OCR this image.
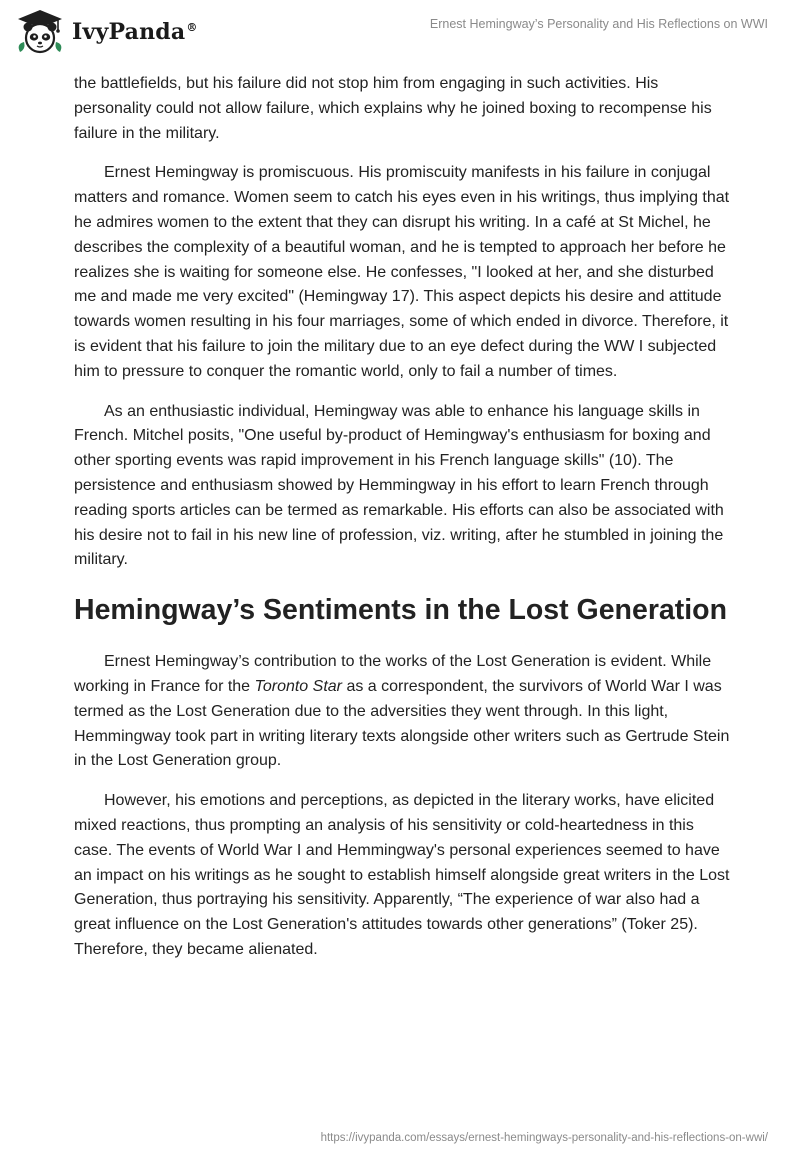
IvyPanda®	Ernest Hemingway’s Personality and His Reflections on WWI

the battlefields, but his failure did not stop him from engaging in such activities. His personality could not allow failure, which explains why he joined boxing to recompense his failure in the military.

Ernest Hemingway is promiscuous. His promiscuity manifests in his failure in conjugal matters and romance. Women seem to catch his eyes even in his writings, thus implying that he admires women to the extent that they can disrupt his writing. In a café at St Michel, he describes the complexity of a beautiful woman, and he is tempted to approach her before he realizes she is waiting for someone else. He confesses, "I looked at her, and she disturbed me and made me very excited" (Hemingway 17). This aspect depicts his desire and attitude towards women resulting in his four marriages, some of which ended in divorce. Therefore, it is evident that his failure to join the military due to an eye defect during the WW I subjected him to pressure to conquer the romantic world, only to fail a number of times.

As an enthusiastic individual, Hemingway was able to enhance his language skills in French. Mitchel posits, "One useful by-product of Hemingway's enthusiasm for boxing and other sporting events was rapid improvement in his French language skills" (10). The persistence and enthusiasm showed by Hemmingway in his effort to learn French through reading sports articles can be termed as remarkable. His efforts can also be associated with his desire not to fail in his new line of profession, viz. writing, after he stumbled in joining the military.

Hemingway’s Sentiments in the Lost Generation

Ernest Hemingway’s contribution to the works of the Lost Generation is evident. While working in France for the Toronto Star as a correspondent, the survivors of World War I was termed as the Lost Generation due to the adversities they went through. In this light, Hemmingway took part in writing literary texts alongside other writers such as Gertrude Stein in the Lost Generation group.

However, his emotions and perceptions, as depicted in the literary works, have elicited mixed reactions, thus prompting an analysis of his sensitivity or cold-heartedness in this case. The events of World War I and Hemmingway's personal experiences seemed to have an impact on his writings as he sought to establish himself alongside great writers in the Lost Generation, thus portraying his sensitivity. Apparently, “The experience of war also had a great influence on the Lost Generation's attitudes towards other generations” (Toker 25). Therefore, they became alienated.

https://ivypanda.com/essays/ernest-hemingways-personality-and-his-reflections-on-wwi/
